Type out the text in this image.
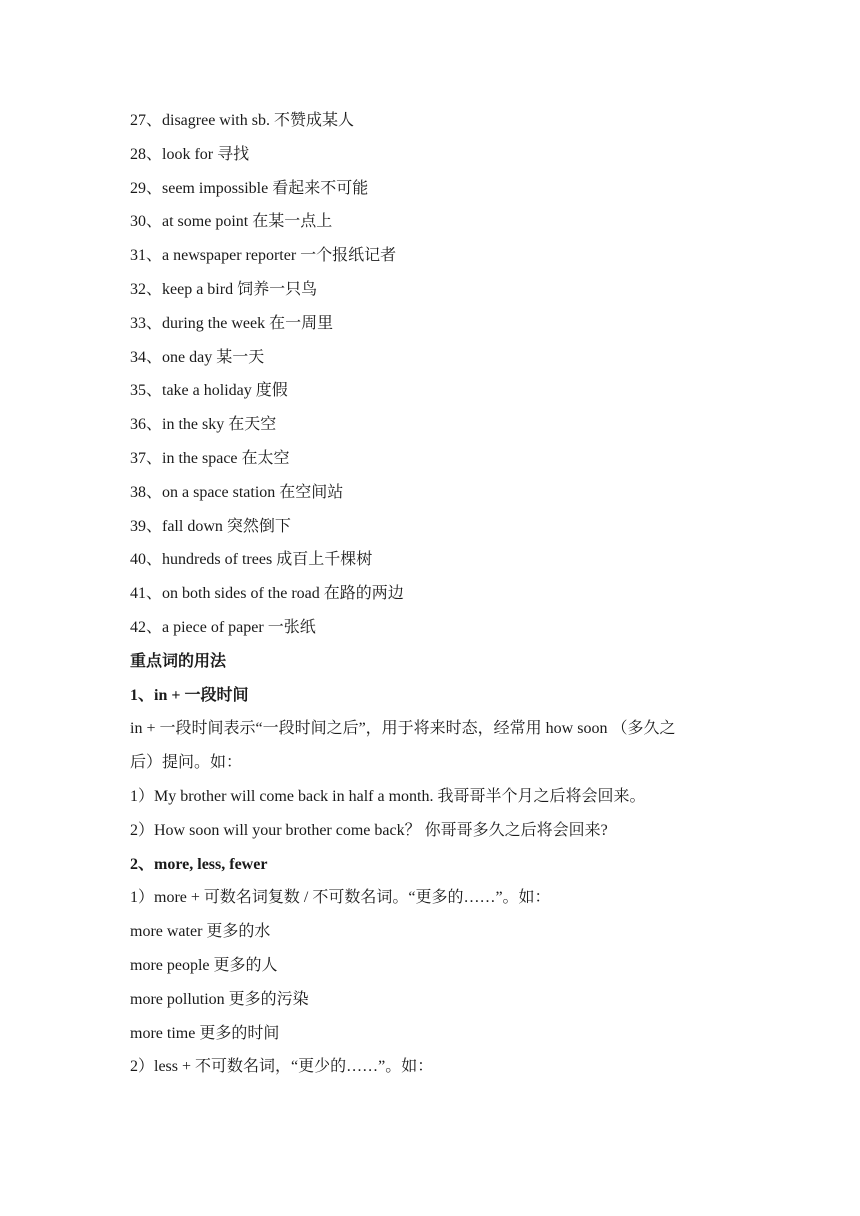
27、disagree with sb. 不赞成某人
28、look for 寻找
29、seem impossible 看起来不可能
30、at some point 在某一点上
31、a newspaper reporter 一个报纸记者
32、keep a bird 饲养一只鸟
33、during the week 在一周里
34、one day 某一天
35、take a holiday 度假
36、in the sky 在天空
37、in the space 在太空
38、on a space station 在空间站
39、fall down 突然倒下
40、hundreds of trees 成百上千棵树
41、on both sides of the road 在路的两边
42、a piece of paper 一张纸
重点词的用法
1、in + 一段时间
in + 一段时间表示“一段时间之后”，用于将来时态，经常用 how soon （多久之
后）提问。如：
1）My brother will come back in half a month. 我哥哥半个月之后将会回来。
2）How soon will your brother come back？ 你哥哥多久之后将会回来?
2、more, less, fewer
1）more + 可数名词复数 / 不可数名词。“更多的……”。如：
more water 更多的水
more people 更多的人
more pollution 更多的污染
more time 更多的时间
2）less + 不可数名词，“更少的……”。如：
